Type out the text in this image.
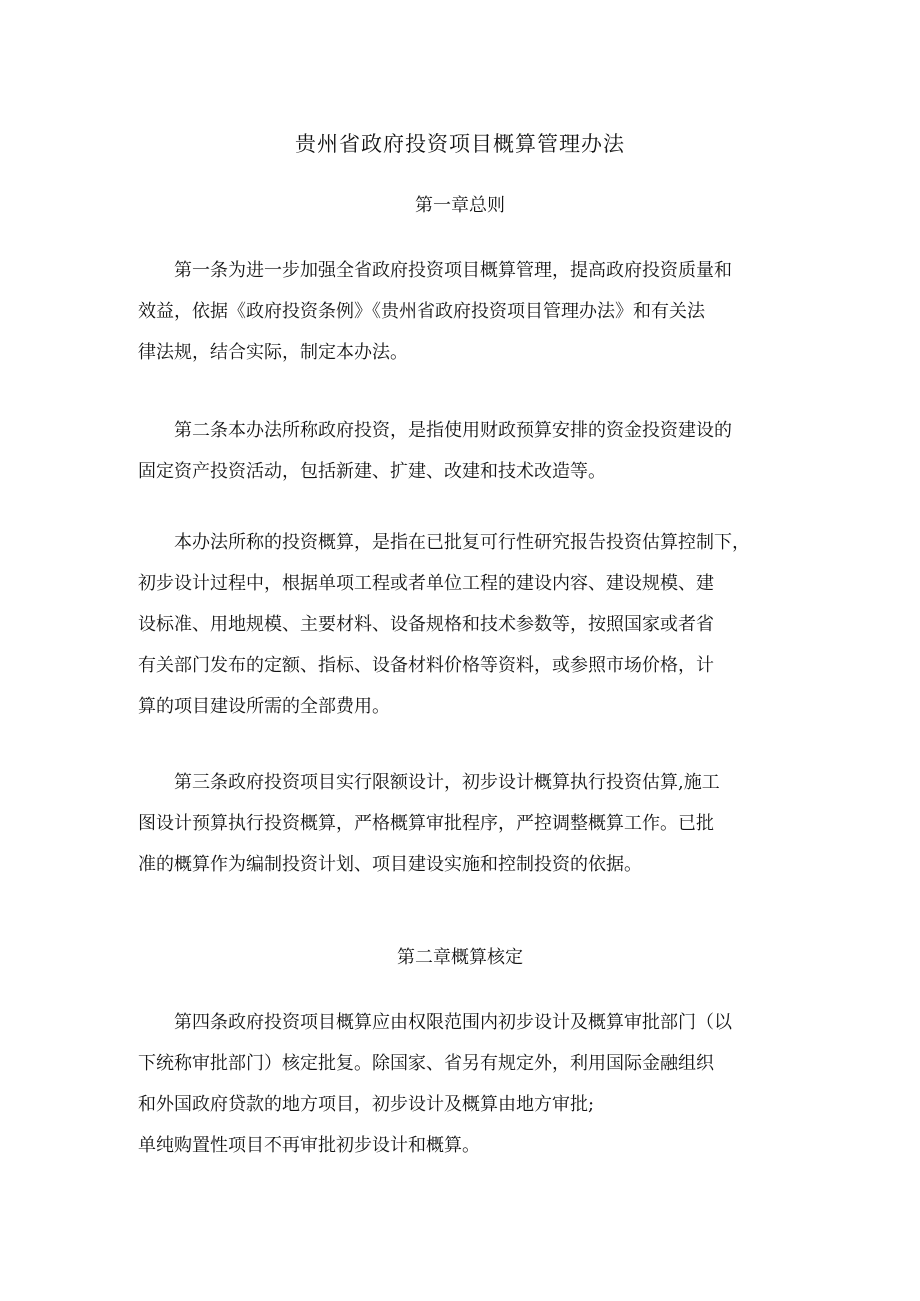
贵州省政府投资项目概算管理办法
第一章总则
第一条为进一步加强全省政府投资项目概算管理，提高政府投资质量和
效益，依据《政府投资条例》《贵州省政府投资项目管理办法》和有关法
律法规，结合实际，制定本办法。
第二条本办法所称政府投资，是指使用财政预算安排的资金投资建设的
固定资产投资活动，包括新建、扩建、改建和技术改造等。
本办法所称的投资概算，是指在已批复可行性研究报告投资估算控制下，
初步设计过程中，根据单项工程或者单位工程的建设内容、建设规模、建
设标准、用地规模、主要材料、设备规格和技术参数等，按照国家或者省
有关部门发布的定额、指标、设备材料价格等资料，或参照市场价格，计
算的项目建设所需的全部费用。
第三条政府投资项目实行限额设计，初步设计概算执行投资估算,施工
图设计预算执行投资概算，严格概算审批程序，严控调整概算工作。已批
准的概算作为编制投资计划、项目建设实施和控制投资的依据。
第二章概算核定
第四条政府投资项目概算应由权限范围内初步设计及概算审批部门（以
下统称审批部门）核定批复。除国家、省另有规定外，利用国际金融组织
和外国政府贷款的地方项目，初步设计及概算由地方审批;
单纯购置性项目不再审批初步设计和概算。
